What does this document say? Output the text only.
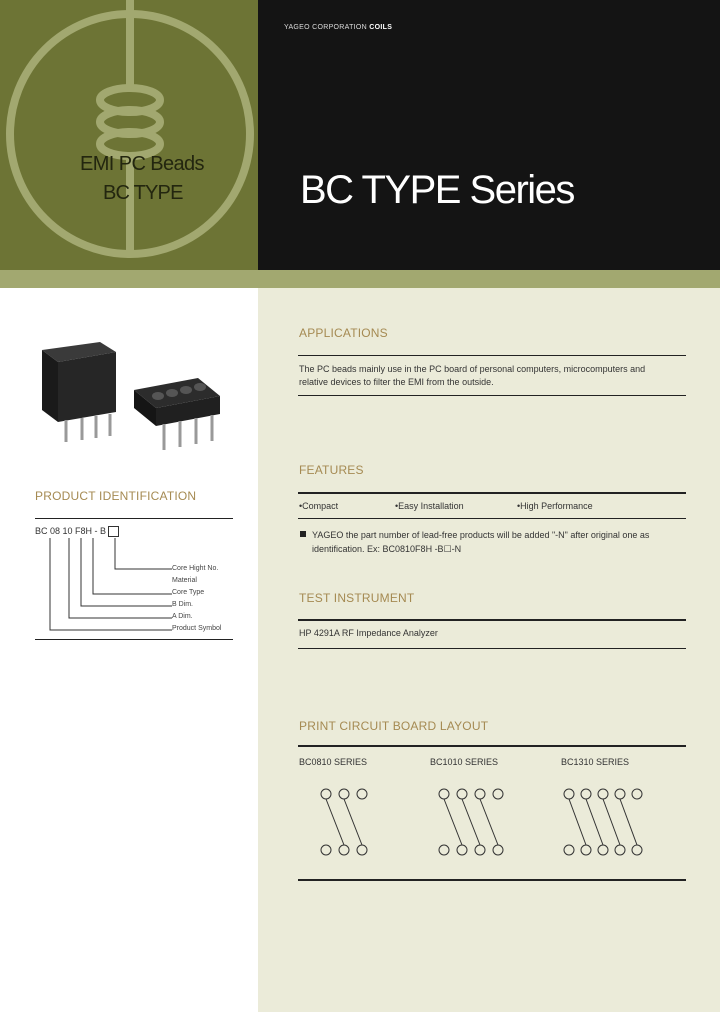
EMI PC Beads
BC TYPE
YAGEO CORPORATION COILS
BC TYPE Series
PRODUCT IDENTIFICATION
BC 08 10 F8H - B
Core Hight No.
Material
Core Type
B Dim.
A Dim.
Product Symbol
APPLICATIONS
The PC beads mainly use in the PC board of personal computers, microcomputers and
relative devices to filter the EMI from the outside.
FEATURES
•Compact	•Easy Installation	•High Performance
YAGEO the part number of lead-free products will be added "-N" after original one as
identification. Ex: BC0810F8H -B☐-N
TEST INSTRUMENT
HP 4291A RF Impedance Analyzer
PRINT CIRCUIT BOARD LAYOUT
BC0810 SERIES	BC1010 SERIES	BC1310 SERIES
